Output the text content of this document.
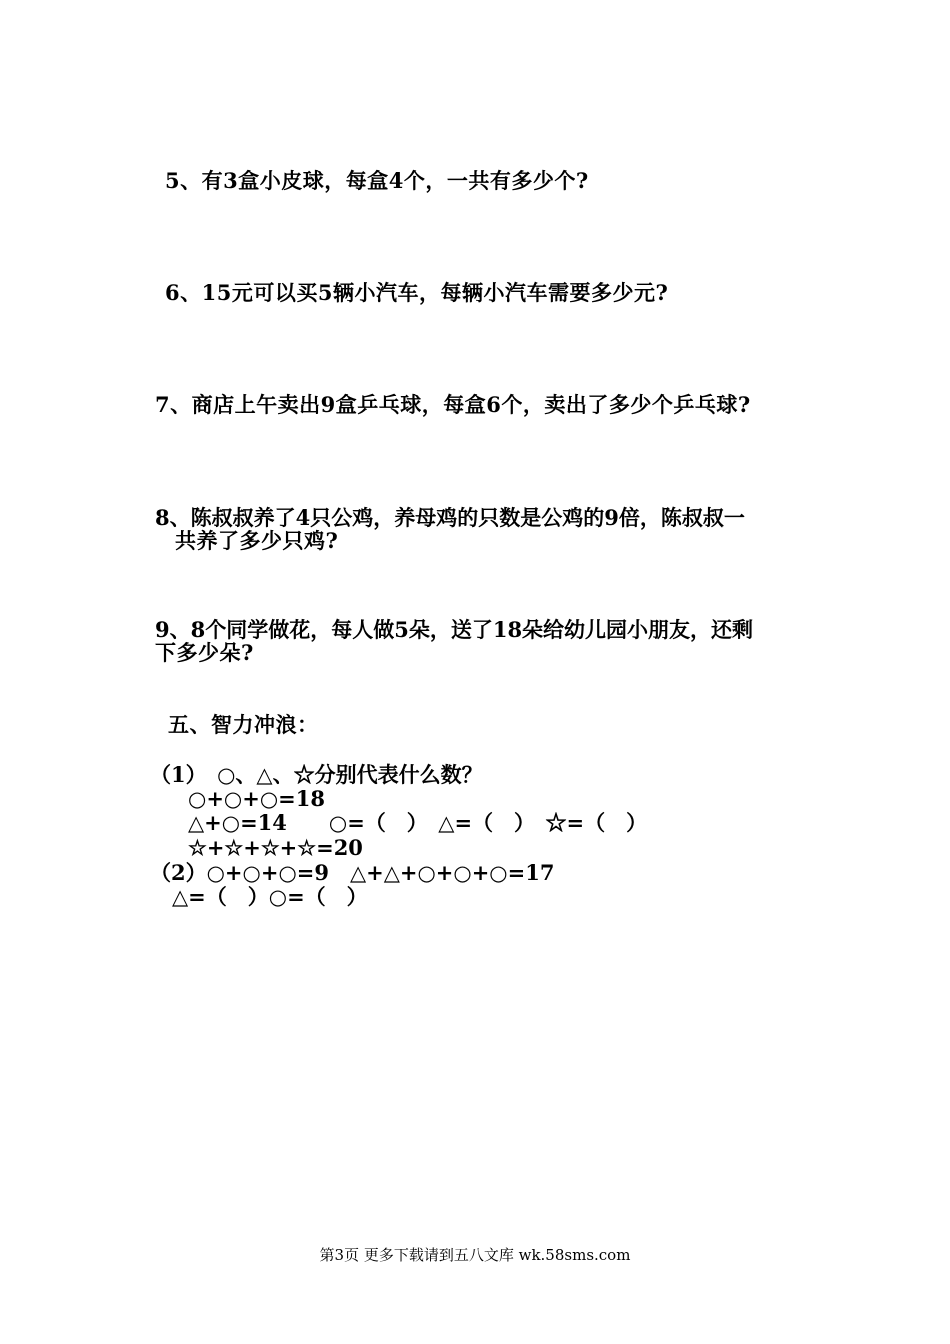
5、有3盒小皮球，每盒4个，一共有多少个?
6、15元可以买5辆小汽车，每辆小汽车需要多少元?
7、商店上午卖出9盒乒乓球，每盒6个，卖出了多少个乒乓球?
8、陈叔叔养了4只公鸡，养母鸡的只数是公鸡的9倍，陈叔叔一
共养了多少只鸡?
9、8个同学做花，每人做5朵，送了18朵给幼儿园小朋友，还剩
下多少朵?
五、智力冲浪：
（1）　○、△、☆分别代表什么数？
○+○+○=18
△+○=14　　○=（　）　△=（　）　☆=（　）
☆+☆+☆+☆=20
（2）○+○+○=9　△+△+○+○+○=17
△=（　）○=（　）
第3页 更多下载请到五八文库 wk.58sms.com
